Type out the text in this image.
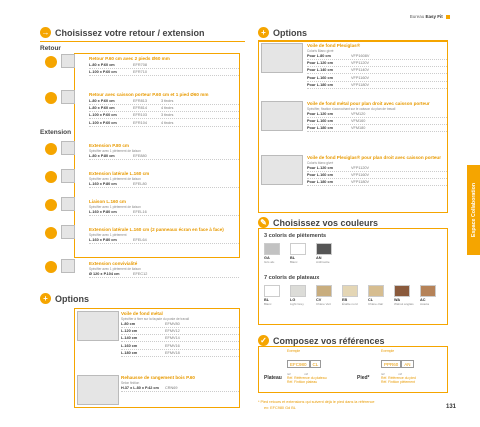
Bureau Easy Fit
→ Choisissez votre retour / extension
Retour
Extension
Retour P.60 cm avec 2 pieds Ø60 mm
L.80 x P.60 cm	EFR708
L.100 x P.60 cm	EFR710
Retour avec caisson porteur P.60 cm et 1 pied Ø60 mm
L.80 x P.60 cm	EFR813	3 tiroirs
L.80 x P.60 cm	EFR814	4 tiroirs
L.100 x P.60 cm	EFR103	3 tiroirs
L.100 x P.60 cm	EFR104	4 tiroirs
Extension P.80 cm
Spécifier avec 1 piètement de liaison
L.80 x P.80 cm	EFE880
Extension latérale L.160 cm
Spécifier avec 1 piètement de liaison
L.160 x P.80 cm	EFEL80
Liaison L.160 cm
Spécifier avec 1 piètement de liaison
L.160 x P.80 cm	EFEL16
Extension latérale L.160 cm (2 panneaux écran en face à face)
Spécifier avec 1 piètement
L.160 x P.80 cm	EFEL64
Extension convivialité
Spécifier avec 1 piètement de liaison
Ø 120 x P.104 cm	EFEC12
+ Options
Voile de fond métal
Spécifier à fixer sur la façade du poste de travail
L.80 cm	EFMV80
L.120 cm	EFMV12
L.140 cm	EFMV14
L.160 cm	EFMV16
L.180 cm	EFMV18
Rehausse de rangement bois P.60
Selon finition
H.37 x L.80 x P.42 cm	CRN69
+ Options
Voile de fond Plexiglas®
Coloris Blanc givré
Pour L.80 cm	VFP1608V
Pour L.120 cm	VFP1120V
Pour L.140 cm	VFP1140V
Pour L.160 cm	VFP1160V
Pour L.180 cm	VFP1180V
Voile de fond métal pour plan droit avec caisson porteur
Spécifier, fixation s'accrochant sur le caisson du plan de travail
Pour L.120 cm	VFM120
Pour L.160 cm	VFM160
Pour L.180 cm	VFM180
Voile de fond Plexiglas® pour plan droit avec caisson porteur
Coloris blanc givré
Pour L.120 cm	VFP1120V
Pour L.160 cm	VFP1160V
Pour L.180 cm	VFP1180V
✎ Choisissez vos couleurs
3 coloris de piètements
GA
Gris alu
BL
Blanc
AN
Anthracite
7 coloris de plateaux
BL
Blanc
LG
Light Grey
CV
Chêne Vert
EB
Érable nord
CL
Chêne clair
WA
Walnut anglais
AC
Acacia
✓ Composez vos références
Plateau
Exemple
EFC980 CL
réf	réf
Réf. Référence du plateau
Réf. Finition plateau
Pied*
Exemple
PPR60 AN
réf	réf
Réf. Référence du pied
Réf. Finition piètement
* Pied retours et extensions qui suivent déjà le pied dans la référence
ex: EFC980 Gd BL	131
Espace Collaboration
